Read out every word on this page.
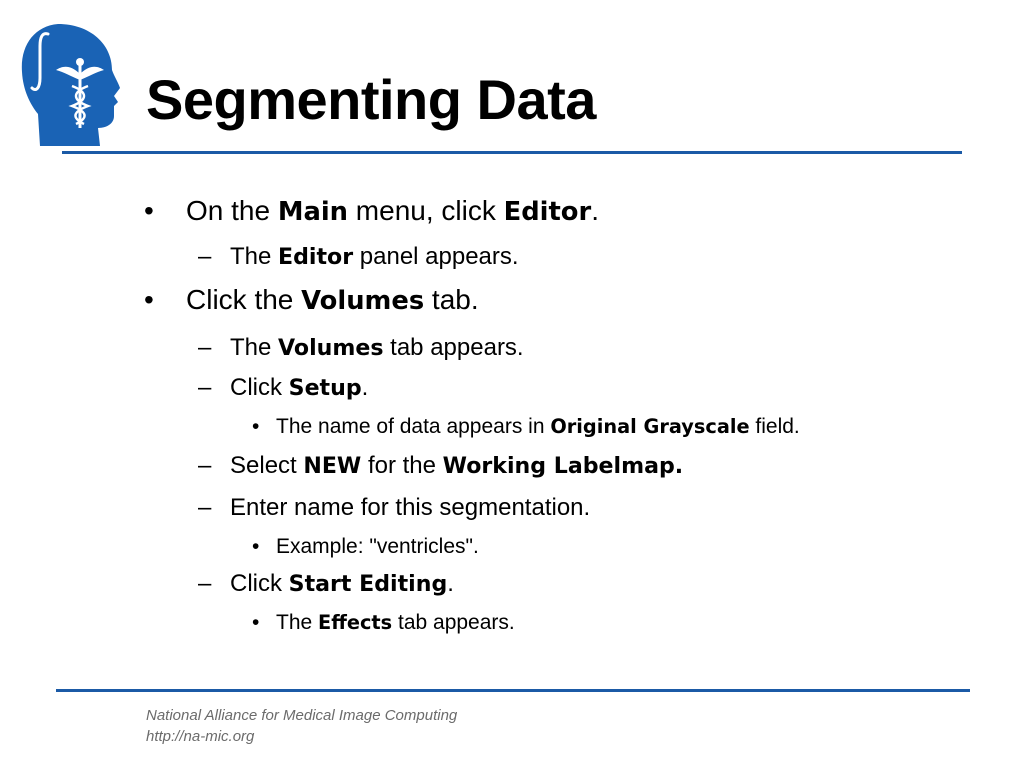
Segmenting Data
• On the Main menu, click Editor.
– The Editor panel appears.
• Click the Volumes tab.
– The Volumes tab appears.
– Click Setup.
• The name of data appears in Original Grayscale field.
– Select NEW for the Working Labelmap.
– Enter name for this segmentation.
• Example: "ventricles".
– Click Start Editing.
• The Effects tab appears.
National Alliance for Medical Image Computing
http://na-mic.org
